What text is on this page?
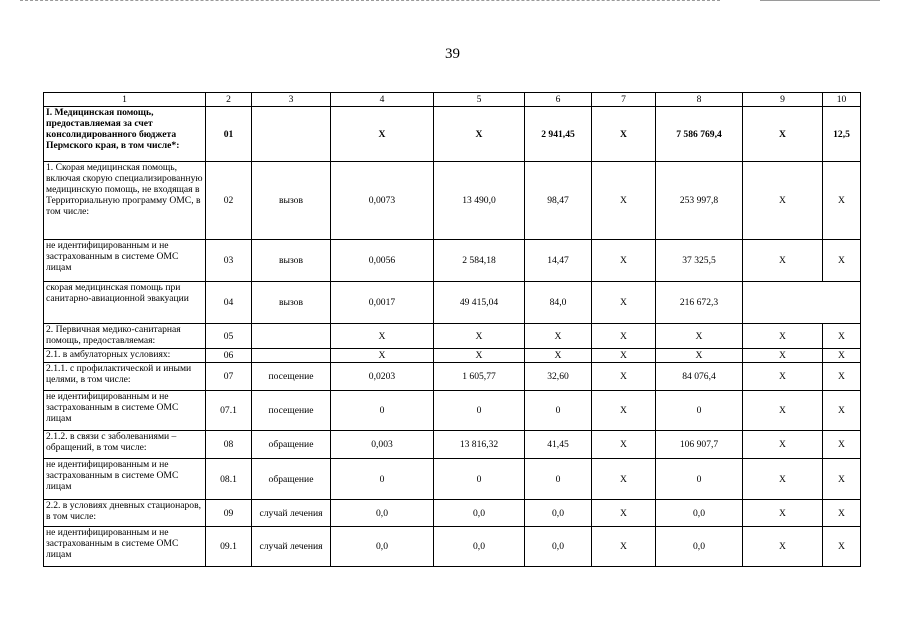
39
1	2	3	4	5	6	7	8	9	10
I. Медицинская помощь, предоставляемая за счет консолидированного бюджета Пермского края, в том числе*:	01		X	X	2 941,45	X	7 586 769,4	X	12,5
1. Скорая медицинская помощь, включая скорую специализированную медицинскую помощь, не входящая в Территориальную программу ОМС, в том числе:	02	вызов	0,0073	13 490,0	98,47	X	253 997,8	X	X
не идентифицированным и не застрахованным в системе ОМС лицам	03	вызов	0,0056	2 584,18	14,47	X	37 325,5	X	X
скорая медицинская помощь при санитарно-авиационной эвакуации	04	вызов	0,0017	49 415,04	84,0	X	216 672,3		
2. Первичная медико-санитарная помощь, предоставляемая:	05		X	X	X	X	X	X	X
2.1. в амбулаторных условиях:	06		X	X	X	X	X	X	X
2.1.1. с профилактической и иными целями, в том числе:	07	посещение	0,0203	1 605,77	32,60	X	84 076,4	X	X
не идентифицированным и не застрахованным в системе ОМС лицам	07.1	посещение	0	0	0	X	0	X	X
2.1.2. в связи с заболеваниями – обращений, в том числе:	08	обращение	0,003	13 816,32	41,45	X	106 907,7	X	X
не идентифицированным и не застрахованным в системе ОМС лицам	08.1	обращение	0	0	0	X	0	X	X
2.2. в условиях дневных стационаров, в том числе:	09	случай лечения	0,0	0,0	0,0	X	0,0	X	X
не идентифицированным и не застрахованным в системе ОМС лицам	09.1	случай лечения	0,0	0,0	0,0	X	0,0	X	X
